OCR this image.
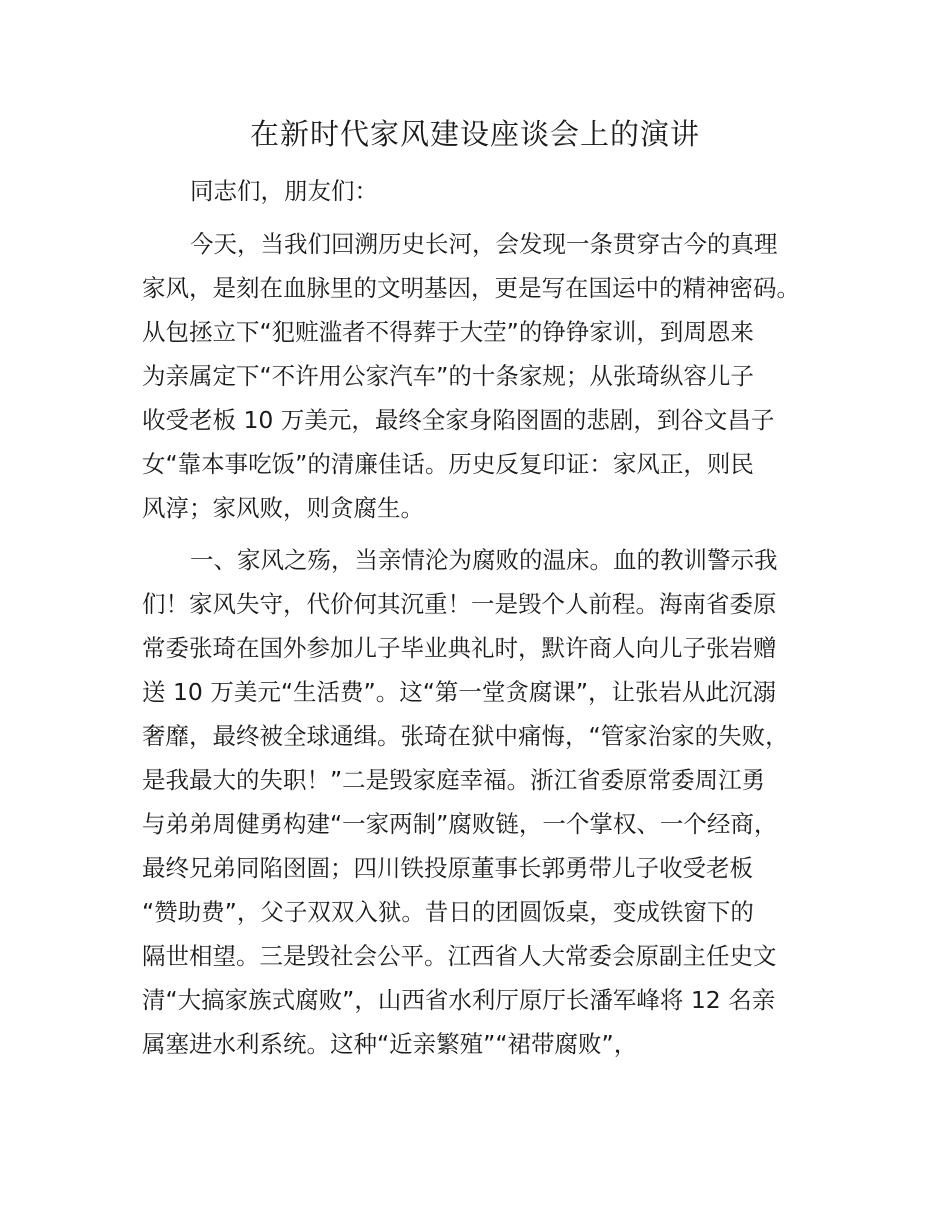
在新时代家风建设座谈会上的演讲

同志们，朋友们：

今天，当我们回溯历史长河，会发现一条贯穿古今的真理

家风，是刻在血脉里的文明基因，更是写在国运中的精神密码。

从包拯立下“犯赃滥者不得葬于大茔”的铮铮家训，到周恩来

为亲属定下“不许用公家汽车”的十条家规；从张琦纵容儿子

收受老板 10 万美元，最终全家身陷囹圄的悲剧，到谷文昌子

女“靠本事吃饭”的清廉佳话。历史反复印证：家风正，则民

风淳；家风败，则贪腐生。

一、家风之殇，当亲情沦为腐败的温床。血的教训警示我

们！家风失守，代价何其沉重！一是毁个人前程。海南省委原

常委张琦在国外参加儿子毕业典礼时，默许商人向儿子张岩赠

送 10 万美元“生活费”。这“第一堂贪腐课”，让张岩从此沉溺

奢靡，最终被全球通缉。张琦在狱中痛悔，“管家治家的失败，

是我最大的失职！”二是毁家庭幸福。浙江省委原常委周江勇

与弟弟周健勇构建“一家两制”腐败链，一个掌权、一个经商，

最终兄弟同陷囹圄；四川铁投原董事长郭勇带儿子收受老板

“赞助费”，父子双双入狱。昔日的团圆饭桌，变成铁窗下的

隔世相望。三是毁社会公平。江西省人大常委会原副主任史文

清“大搞家族式腐败”，山西省水利厅原厅长潘军峰将 12 名亲

属塞进水利系统。这种“近亲繁殖”“裙带腐败”，
